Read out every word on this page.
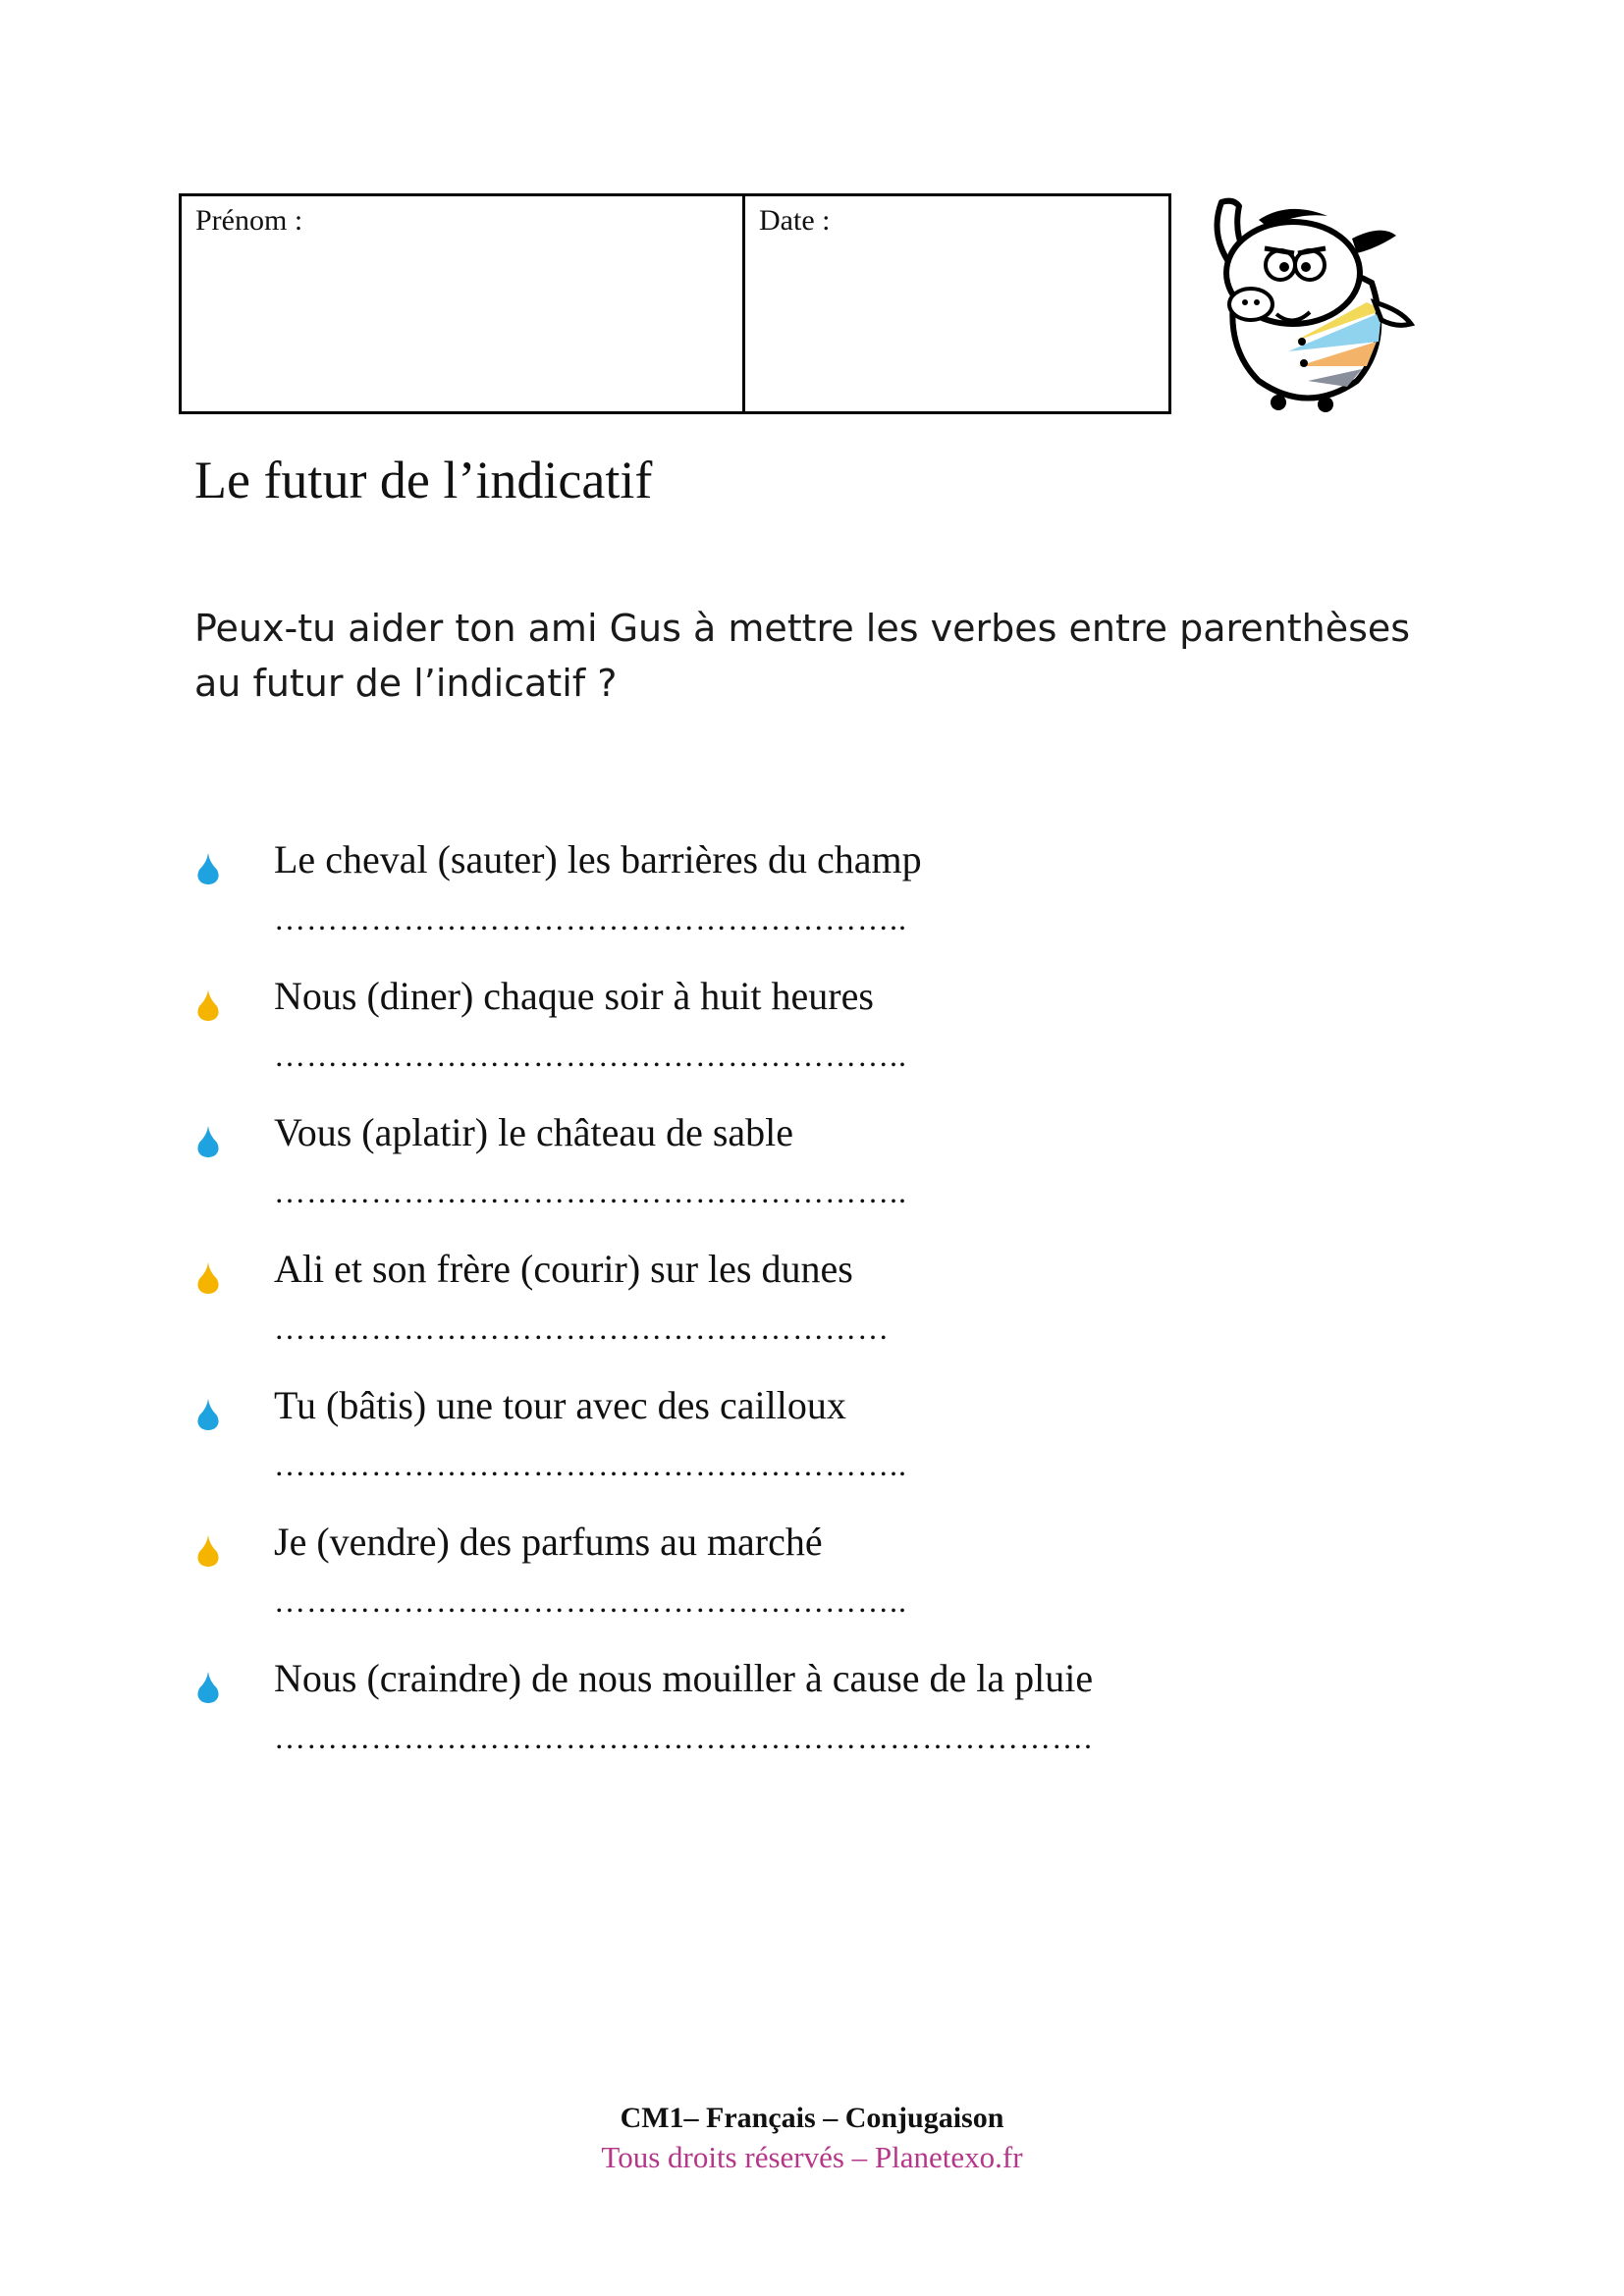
Prénom :	Date :
Le futur de l’indicatif

Peux-tu aider ton ami Gus à mettre les verbes entre parenthèses au futur de l’indicatif ?

Le cheval (sauter) les barrières du champ
…………………………………………………..
Nous (diner) chaque soir à huit heures
…………………………………………………..
Vous (aplatir) le château de sable
…………………………………………………..
Ali et son frère (courir) sur les dunes
…………………………………………………
Tu (bâtis) une tour avec des cailloux
…………………………………………………..
Je (vendre) des parfums au marché
…………………………………………………..
Nous (craindre) de nous mouiller à cause de la pluie
………………………………………………………………….
CM1– Français – Conjugaison
Tous droits réservés – Planetexo.fr
